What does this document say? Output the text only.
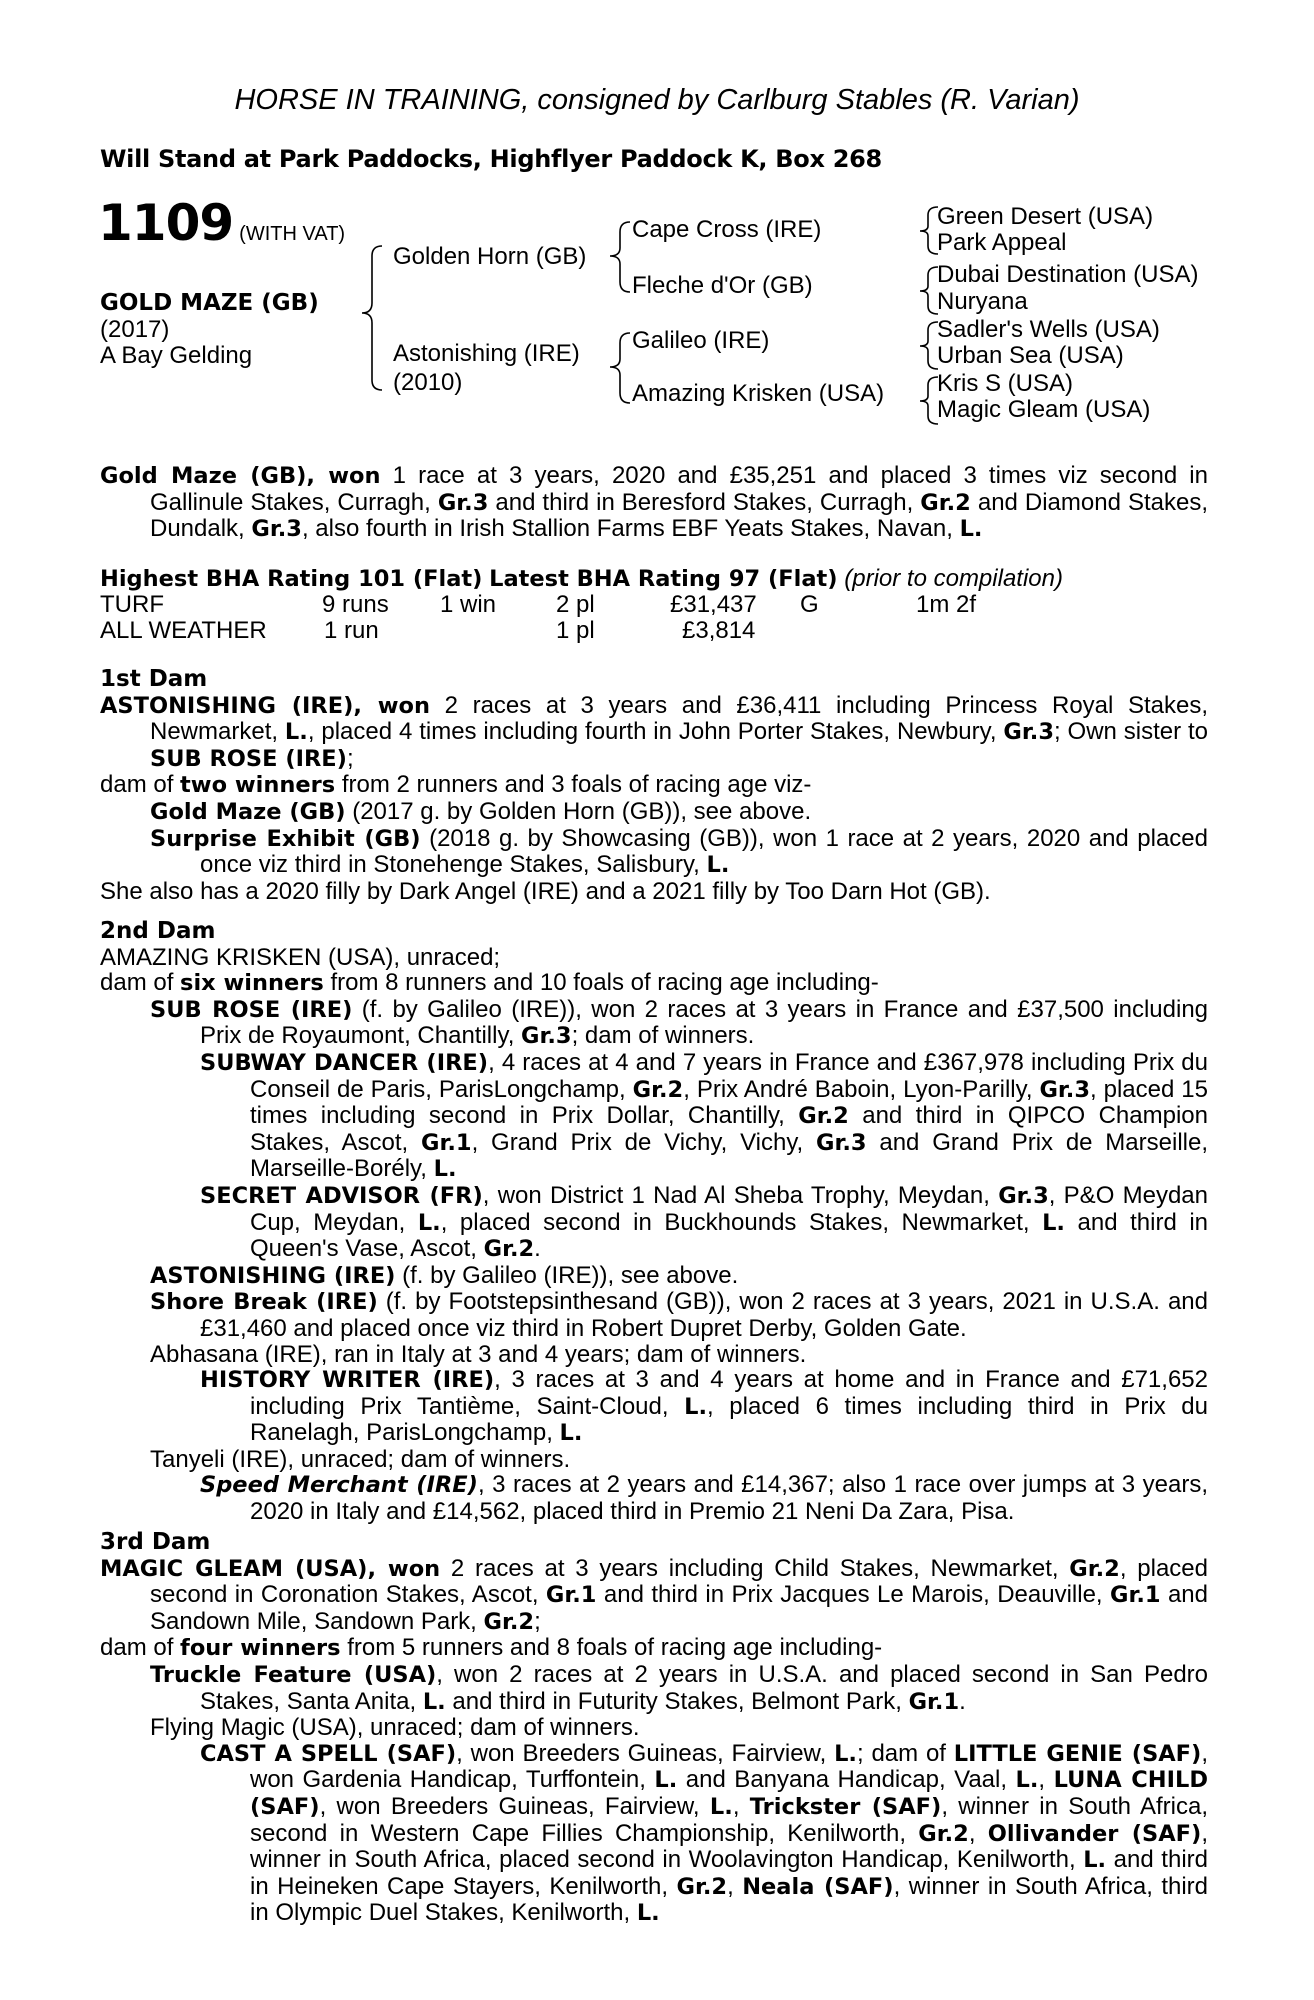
HORSE IN TRAINING, consigned by Carlburg Stables (R. Varian)
Will Stand at Park Paddocks, Highflyer Paddock K, Box 268
1109 (WITH VAT)
GOLD MAZE (GB)
(2017)
A Bay Gelding
Golden Horn (GB)
Astonishing (IRE)
(2010)
Cape Cross (IRE)
Fleche d'Or (GB)
Galileo (IRE)
Amazing Krisken (USA)
Green Desert (USA)
Park Appeal
Dubai Destination (USA)
Nuryana
Sadler's Wells (USA)
Urban Sea (USA)
Kris S (USA)
Magic Gleam (USA)

Gold Maze (GB), won 1 race at 3 years, 2020 and £35,251 and placed 3 times viz second in Gallinule Stakes, Curragh, Gr.3 and third in Beresford Stakes, Curragh, Gr.2 and Diamond Stakes, Dundalk, Gr.3, also fourth in Irish Stallion Farms EBF Yeats Stakes, Navan, L.

Highest BHA Rating 101 (Flat) Latest BHA Rating 97 (Flat) (prior to compilation)
TURF	9 runs 1 win 2 pl	£31,437 G	1m 2f
ALL WEATHER 1 run	1 pl	£3,814

1st Dam

ASTONISHING (IRE), won 2 races at 3 years and £36,411 including Princess Royal Stakes, Newmarket, L., placed 4 times including fourth in John Porter Stakes, Newbury, Gr.3; Own sister to SUB ROSE (IRE);

dam of two winners from 2 runners and 3 foals of racing age viz-

Gold Maze (GB) (2017 g. by Golden Horn (GB)), see above.

Surprise Exhibit (GB) (2018 g. by Showcasing (GB)), won 1 race at 2 years, 2020 and placed once viz third in Stonehenge Stakes, Salisbury, L.

She also has a 2020 filly by Dark Angel (IRE) and a 2021 filly by Too Darn Hot (GB).

2nd Dam

AMAZING KRISKEN (USA), unraced;

dam of six winners from 8 runners and 10 foals of racing age including-

SUB ROSE (IRE) (f. by Galileo (IRE)), won 2 races at 3 years in France and £37,500 including Prix de Royaumont, Chantilly, Gr.3; dam of winners.

SUBWAY DANCER (IRE), 4 races at 4 and 7 years in France and £367,978 including Prix du Conseil de Paris, ParisLongchamp, Gr.2, Prix André Baboin, Lyon-Parilly, Gr.3, placed 15 times including second in Prix Dollar, Chantilly, Gr.2 and third in QIPCO Champion Stakes, Ascot, Gr.1, Grand Prix de Vichy, Vichy, Gr.3 and Grand Prix de Marseille, Marseille-Borély, L.

SECRET ADVISOR (FR), won District 1 Nad Al Sheba Trophy, Meydan, Gr.3, P&O Meydan Cup, Meydan, L., placed second in Buckhounds Stakes, Newmarket, L. and third in Queen's Vase, Ascot, Gr.2.

ASTONISHING (IRE) (f. by Galileo (IRE)), see above.

Shore Break (IRE) (f. by Footstepsinthesand (GB)), won 2 races at 3 years, 2021 in U.S.A. and £31,460 and placed once viz third in Robert Dupret Derby, Golden Gate.

Abhasana (IRE), ran in Italy at 3 and 4 years; dam of winners.

HISTORY WRITER (IRE), 3 races at 3 and 4 years at home and in France and £71,652 including Prix Tantième, Saint-Cloud, L., placed 6 times including third in Prix du Ranelagh, ParisLongchamp, L.

Tanyeli (IRE), unraced; dam of winners.

Speed Merchant (IRE), 3 races at 2 years and £14,367; also 1 race over jumps at 3 years, 2020 in Italy and £14,562, placed third in Premio 21 Neni Da Zara, Pisa.

3rd Dam

MAGIC GLEAM (USA), won 2 races at 3 years including Child Stakes, Newmarket, Gr.2, placed second in Coronation Stakes, Ascot, Gr.1 and third in Prix Jacques Le Marois, Deauville, Gr.1 and Sandown Mile, Sandown Park, Gr.2;

dam of four winners from 5 runners and 8 foals of racing age including-

Truckle Feature (USA), won 2 races at 2 years in U.S.A. and placed second in San Pedro Stakes, Santa Anita, L. and third in Futurity Stakes, Belmont Park, Gr.1.

Flying Magic (USA), unraced; dam of winners.

CAST A SPELL (SAF), won Breeders Guineas, Fairview, L.; dam of LITTLE GENIE (SAF), won Gardenia Handicap, Turffontein, L. and Banyana Handicap, Vaal, L., LUNA CHILD (SAF), won Breeders Guineas, Fairview, L., Trickster (SAF), winner in South Africa, second in Western Cape Fillies Championship, Kenilworth, Gr.2, Ollivander (SAF), winner in South Africa, placed second in Woolavington Handicap, Kenilworth, L. and third in Heineken Cape Stayers, Kenilworth, Gr.2, Neala (SAF), winner in South Africa, third in Olympic Duel Stakes, Kenilworth, L.
